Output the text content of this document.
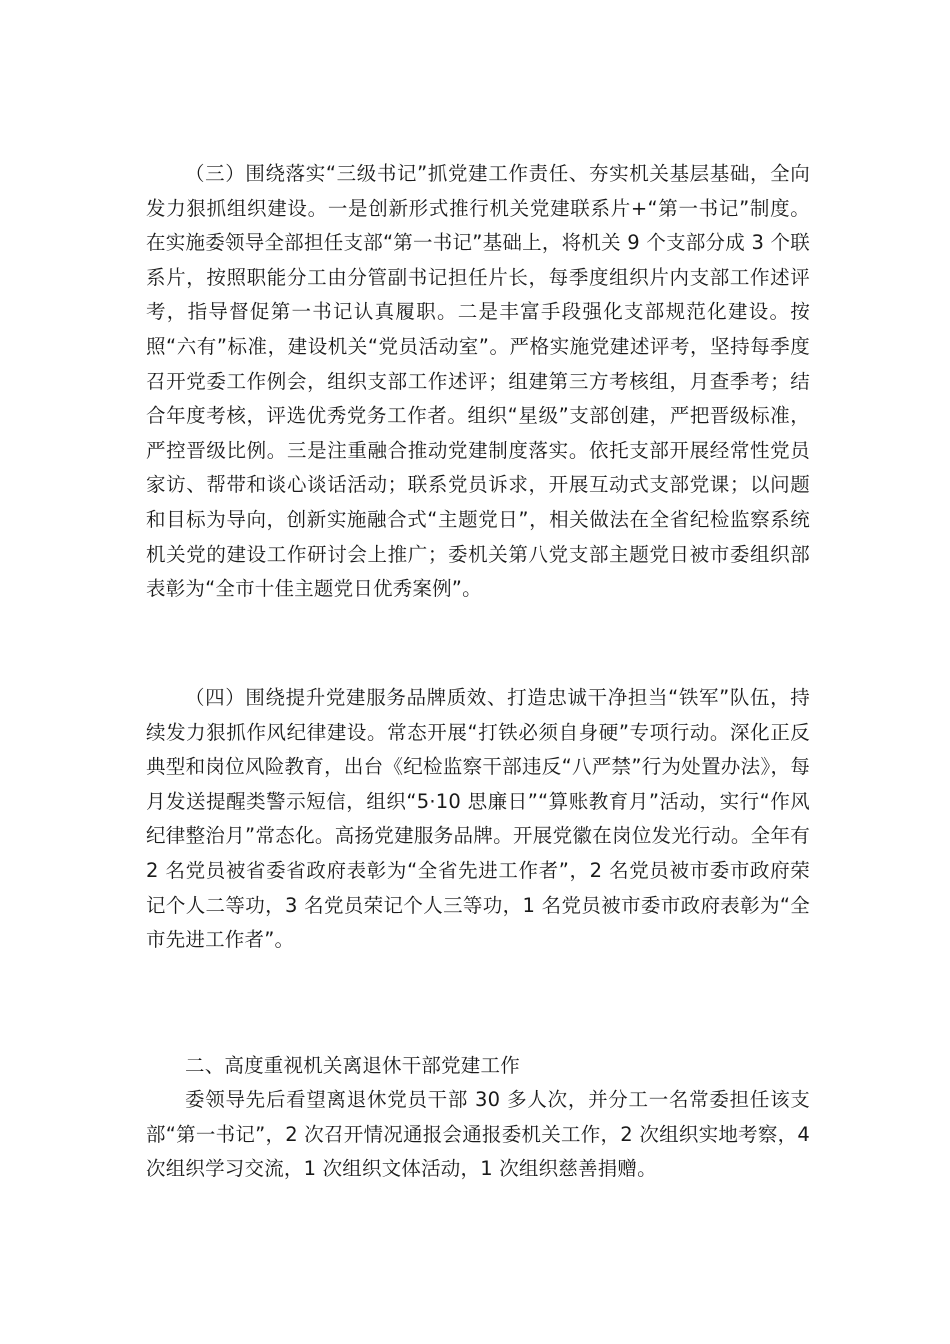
（三）围绕落实“三级书记”抓党建工作责任、夯实机关基层基础，全向发力狠抓组织建设。一是创新形式推行机关党建联系片+“第一书记”制度。在实施委领导全部担任支部“第一书记”基础上，将机关 9 个支部分成 3 个联系片，按照职能分工由分管副书记担任片长，每季度组织片内支部工作述评考，指导督促第一书记认真履职。二是丰富手段强化支部规范化建设。按照“六有”标准，建设机关“党员活动室”。严格实施党建述评考，坚持每季度召开党委工作例会，组织支部工作述评；组建第三方考核组，月查季考；结合年度考核，评选优秀党务工作者。组织“星级”支部创建，严把晋级标准，严控晋级比例。三是注重融合推动党建制度落实。依托支部开展经常性党员家访、帮带和谈心谈话活动；联系党员诉求，开展互动式支部党课；以问题和目标为导向，创新实施融合式“主题党日”，相关做法在全省纪检监察系统机关党的建设工作研讨会上推广；委机关第八党支部主题党日被市委组织部表彰为“全市十佳主题党日优秀案例”。

（四）围绕提升党建服务品牌质效、打造忠诚干净担当“铁军”队伍，持续发力狠抓作风纪律建设。常态开展“打铁必须自身硬”专项行动。深化正反典型和岗位风险教育，出台《纪检监察干部违反“八严禁”行为处置办法》，每月发送提醒类警示短信，组织“5·10 思廉日”“算账教育月”活动，实行“作风纪律整治月”常态化。高扬党建服务品牌。开展党徽在岗位发光行动。全年有 2 名党员被省委省政府表彰为“全省先进工作者”，2 名党员被市委市政府荣记个人二等功，3 名党员荣记个人三等功，1 名党员被市委市政府表彰为“全市先进工作者”。

二、高度重视机关离退休干部党建工作

委领导先后看望离退休党员干部 30 多人次，并分工一名常委担任该支部“第一书记”，2 次召开情况通报会通报委机关工作，2 次组织实地考察，4 次组织学习交流，1 次组织文体活动，1 次组织慈善捐赠。
